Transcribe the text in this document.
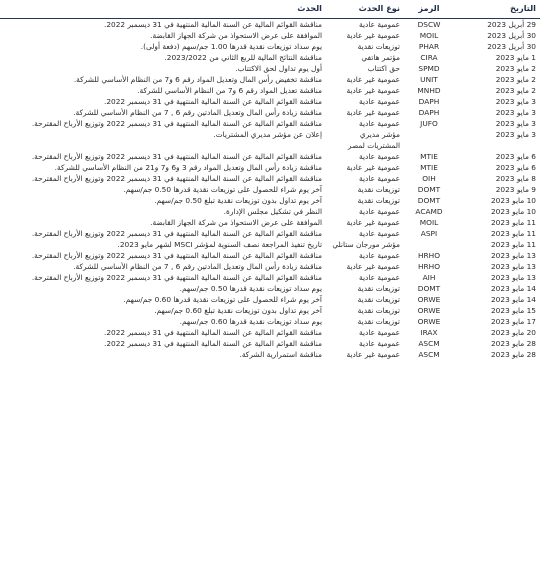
التاريخ
الرمز
نوع الحدث
الحدث
29 أبريل 2023
DSCW
عمومية عادية
مناقشة القوائم المالية عن السنة المالية المنتهية في 31 ديسمبر 2022.
30 أبريل 2023
MOIL
عمومية غير عادية
الموافقة على عرض الاستحواذ من شركة الجهاز القابضة.
30 أبريل 2023
PHAR
توزيعات نقدية
يوم سداد توزيعات نقدية قدرها 1.00 جم/سهم (دفعة أولى).
1 مايو 2023
CIRA
مؤتمر هاتفي
مناقشة النتائج المالية للربع الثاني من 2023/2022.
2 مايو 2023
SPMD
حق اكتتاب
أول يوم تداول لحق الاكتتاب.
2 مايو 2023
UNIT
عمومية غير عادية
مناقشة تخفيض رأس المال وتعديل المواد رقم 6 و7 من النظام الأساسي للشركة.
2 مايو 2023
MNHD
عمومية غير عادية
مناقشة تعديل المواد رقم 6 و7 من النظام الأساسي للشركة.
3 مايو 2023
DAPH
عمومية عادية
مناقشة القوائم المالية عن السنة المالية المنتهية في 31 ديسمبر 2022.
3 مايو 2023
DAPH
عمومية غير عادية
مناقشة زيادة رأس المال وتعديل المادتين رقم 6 , 7 من النظام الأساسي للشركة.
3 مايو 2023
JUFO
عمومية عادية
مناقشة القوائم المالية عن السنة المالية المنتهية في 31 ديسمبر 2022 وتوزيع الأرباح المقترحة.
3 مايو 2023
مؤشر مديري المشتريات لمصر
إعلان عن مؤشر مديري المشتريات.
6 مايو 2023
MTIE
عمومية عادية
مناقشة القوائم المالية عن السنة المالية المنتهية في 31 ديسمبر 2022 وتوزيع الأرباح المقترحة.
6 مايو 2023
MTIE
عمومية غير عادية
مناقشة زيادة رأس المال وتعديل المواد رقم 3 و6 و7 و21 من النظام الأساسي للشركة.
8 مايو 2023
OIH
عمومية عادية
مناقشة القوائم المالية عن السنة المالية المنتهية في 31 ديسمبر 2022 وتوزيع الأرباح المقترحة.
9 مايو 2023
DOMT
توزيعات نقدية
آخر يوم شراء للحصول على توزيعات نقدية قدرها 0.50 جم/سهم.
10 مايو 2023
DOMT
توزيعات نقدية
آخر يوم تداول بدون توزيعات نقدية تبلغ 0.50 جم/سهم.
10 مايو 2023
ACAMD
عمومية عادية
النظر في تشكيل مجلس الإدارة.
11 مايو 2023
MOIL
عمومية غير عادية
الموافقة على عرض الاستحواذ من شركة الجهاز القابضة.
11 مايو 2023
ASPI
عمومية عادية
مناقشة القوائم المالية عن السنة المالية المنتهية في 31 ديسمبر 2022 وتوزيع الأرباح المقترحة.
11 مايو 2023
مؤشر مورجان ستانلي
تاريخ تنفيذ المراجعة نصف السنوية لمؤشر MSCI لشهر مايو 2023.
13 مايو 2023
HRHO
عمومية عادية
مناقشة القوائم المالية عن السنة المالية المنتهية في 31 ديسمبر 2022 وتوزيع الأرباح المقترحة.
13 مايو 2023
HRHO
عمومية غير عادية
مناقشة زيادة رأس المال وتعديل المادتين رقم 6 , 7 من النظام الأساسي للشركة.
13 مايو 2023
AIH
عمومية عادية
مناقشة القوائم المالية عن السنة المالية المنتهية في 31 ديسمبر 2022 وتوزيع الأرباح المقترحة.
14 مايو 2023
DOMT
توزيعات نقدية
يوم سداد توزيعات نقدية قدرها 0.50 جم/سهم.
14 مايو 2023
ORWE
توزيعات نقدية
آخر يوم شراء للحصول على توزيعات نقدية قدرها 0.60 جم/سهم.
15 مايو 2023
ORWE
توزيعات نقدية
آخر يوم تداول بدون توزيعات نقدية تبلغ 0.60 جم/سهم.
17 مايو 2023
ORWE
توزيعات نقدية
يوم سداد توزيعات نقدية قدرها 0.60 جم/سهم.
20 مايو 2023
IRAX
عمومية عادية
مناقشة القوائم المالية عن السنة المالية المنتهية في 31 ديسمبر 2022.
28 مايو 2023
ASCM
عمومية عادية
مناقشة القوائم المالية عن السنة المالية المنتهية في 31 ديسمبر 2022.
28 مايو 2023
ASCM
عمومية غير عادية
مناقشة استمرارية الشركة.
